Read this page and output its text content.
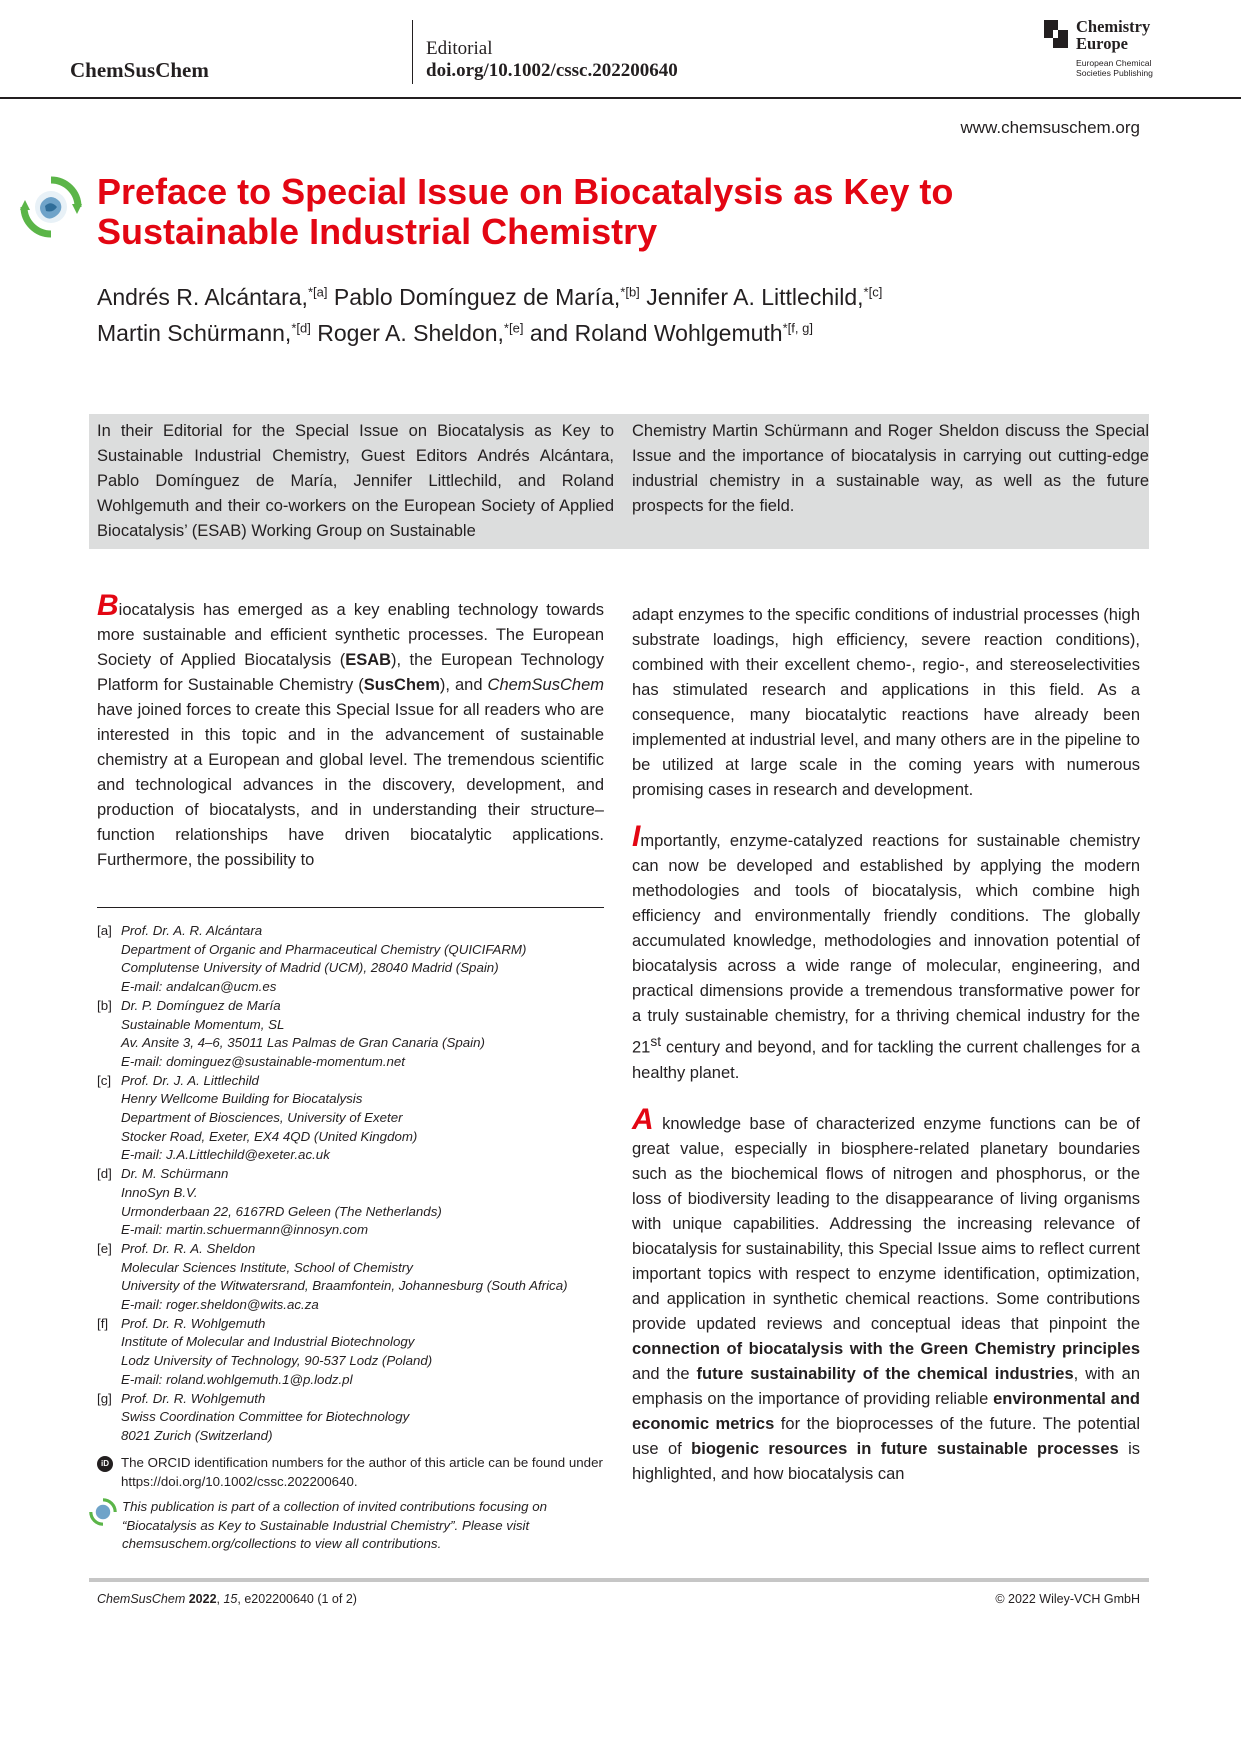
ChemSusChem
Editorial
doi.org/10.1002/cssc.202200640
Chemistry
Europe
European Chemical
Societies Publishing
www.chemsuschem.org
Preface to Special Issue on Biocatalysis as Key to Sustainable Industrial Chemistry
Andrés R. Alcántara,$^{*[a]}$ Pablo Domínguez de María,$^{*[b]}$ Jennifer A. Littlechild,$^{*[c]}$
Martin Schürmann,$^{*[d]}$ Roger A. Sheldon,$^{*[e]}$ and Roland Wohlgemuth$^{*[f, g]}$
In their Editorial for the Special Issue on Biocatalysis as Key to Sustainable Industrial Chemistry, Guest Editors Andrés Alcántara, Pablo Domínguez de María, Jennifer Littlechild, and Roland Wohlgemuth and their co-workers on the European Society of Applied Biocatalysis’ (ESAB) Working Group on Sustainable
Chemistry Martin Schürmann and Roger Sheldon discuss the Special Issue and the importance of biocatalysis in carrying out cutting-edge industrial chemistry in a sustainable way, as well as the future prospects for the field.

Biocatalysis has emerged as a key enabling technology towards more sustainable and efficient synthetic processes. The European Society of Applied Biocatalysis (ESAB), the European Technology Platform for Sustainable Chemistry (SusChem), and ChemSusChem have joined forces to create this Special Issue for all readers who are interested in this topic and in the advancement of sustainable chemistry at a European and global level. The tremendous scientific and technological advances in the discovery, development, and production of biocatalysts, and in understanding their structure–function relationships have driven biocatalytic applications. Furthermore, the possibility to

[a] Prof. Dr. A. R. Alcántara
Department of Organic and Pharmaceutical Chemistry (QUICIFARM)
Complutense University of Madrid (UCM), 28040 Madrid (Spain)
E-mail: andalcan@ucm.es
[b] Dr. P. Domínguez de María
Sustainable Momentum, SL
Av. Ansite 3, 4–6, 35011 Las Palmas de Gran Canaria (Spain)
E-mail: dominguez@sustainable-momentum.net
[c] Prof. Dr. J. A. Littlechild
Henry Wellcome Building for Biocatalysis
Department of Biosciences, University of Exeter
Stocker Road, Exeter, EX4 4QD (United Kingdom)
E-mail: J.A.Littlechild@exeter.ac.uk
[d] Dr. M. Schürmann
InnoSyn B.V.
Urmonderbaan 22, 6167RD Geleen (The Netherlands)
E-mail: martin.schuermann@innosyn.com
[e] Prof. Dr. R. A. Sheldon
Molecular Sciences Institute, School of Chemistry
University of the Witwatersrand, Braamfontein, Johannesburg (South Africa)
E-mail: roger.sheldon@wits.ac.za
[f] Prof. Dr. R. Wohlgemuth
Institute of Molecular and Industrial Biotechnology
Lodz University of Technology, 90-537 Lodz (Poland)
E-mail: roland.wohlgemuth.1@p.lodz.pl
[g] Prof. Dr. R. Wohlgemuth
Swiss Coordination Committee for Biotechnology
8021 Zurich (Switzerland)
iD The ORCID identification numbers for the author of this article can be found under https://doi.org/10.1002/cssc.202200640.
This publication is part of a collection of invited contributions focusing on “Biocatalysis as Key to Sustainable Industrial Chemistry”. Please visit chemsuschem.org/collections to view all contributions.

adapt enzymes to the specific conditions of industrial processes (high substrate loadings, high efficiency, severe reaction conditions), combined with their excellent chemo-, regio-, and stereoselectivities has stimulated research and applications in this field. As a consequence, many biocatalytic reactions have already been implemented at industrial level, and many others are in the pipeline to be utilized at large scale in the coming years with numerous promising cases in research and development.

Importantly, enzyme-catalyzed reactions for sustainable chemistry can now be developed and established by applying the modern methodologies and tools of biocatalysis, which combine high efficiency and environmentally friendly conditions. The globally accumulated knowledge, methodologies and innovation potential of biocatalysis across a wide range of molecular, engineering, and practical dimensions provide a tremendous transformative power for a truly sustainable chemistry, for a thriving chemical industry for the 21st century and beyond, and for tackling the current challenges for a healthy planet.

A knowledge base of characterized enzyme functions can be of great value, especially in biosphere-related planetary boundaries such as the biochemical flows of nitrogen and phosphorus, or the loss of biodiversity leading to the disappearance of living organisms with unique capabilities. Addressing the increasing relevance of biocatalysis for sustainability, this Special Issue aims to reflect current important topics with respect to enzyme identification, optimization, and application in synthetic chemical reactions. Some contributions provide updated reviews and conceptual ideas that pinpoint the connection of biocatalysis with the Green Chemistry principles and the future sustainability of the chemical industries, with an emphasis on the importance of providing reliable environmental and economic metrics for the bioprocesses of the future. The potential use of biogenic resources in future sustainable processes is highlighted, and how biocatalysis can

ChemSusChem 2022, 15, e202200640 (1 of 2)	© 2022 Wiley-VCH GmbH
